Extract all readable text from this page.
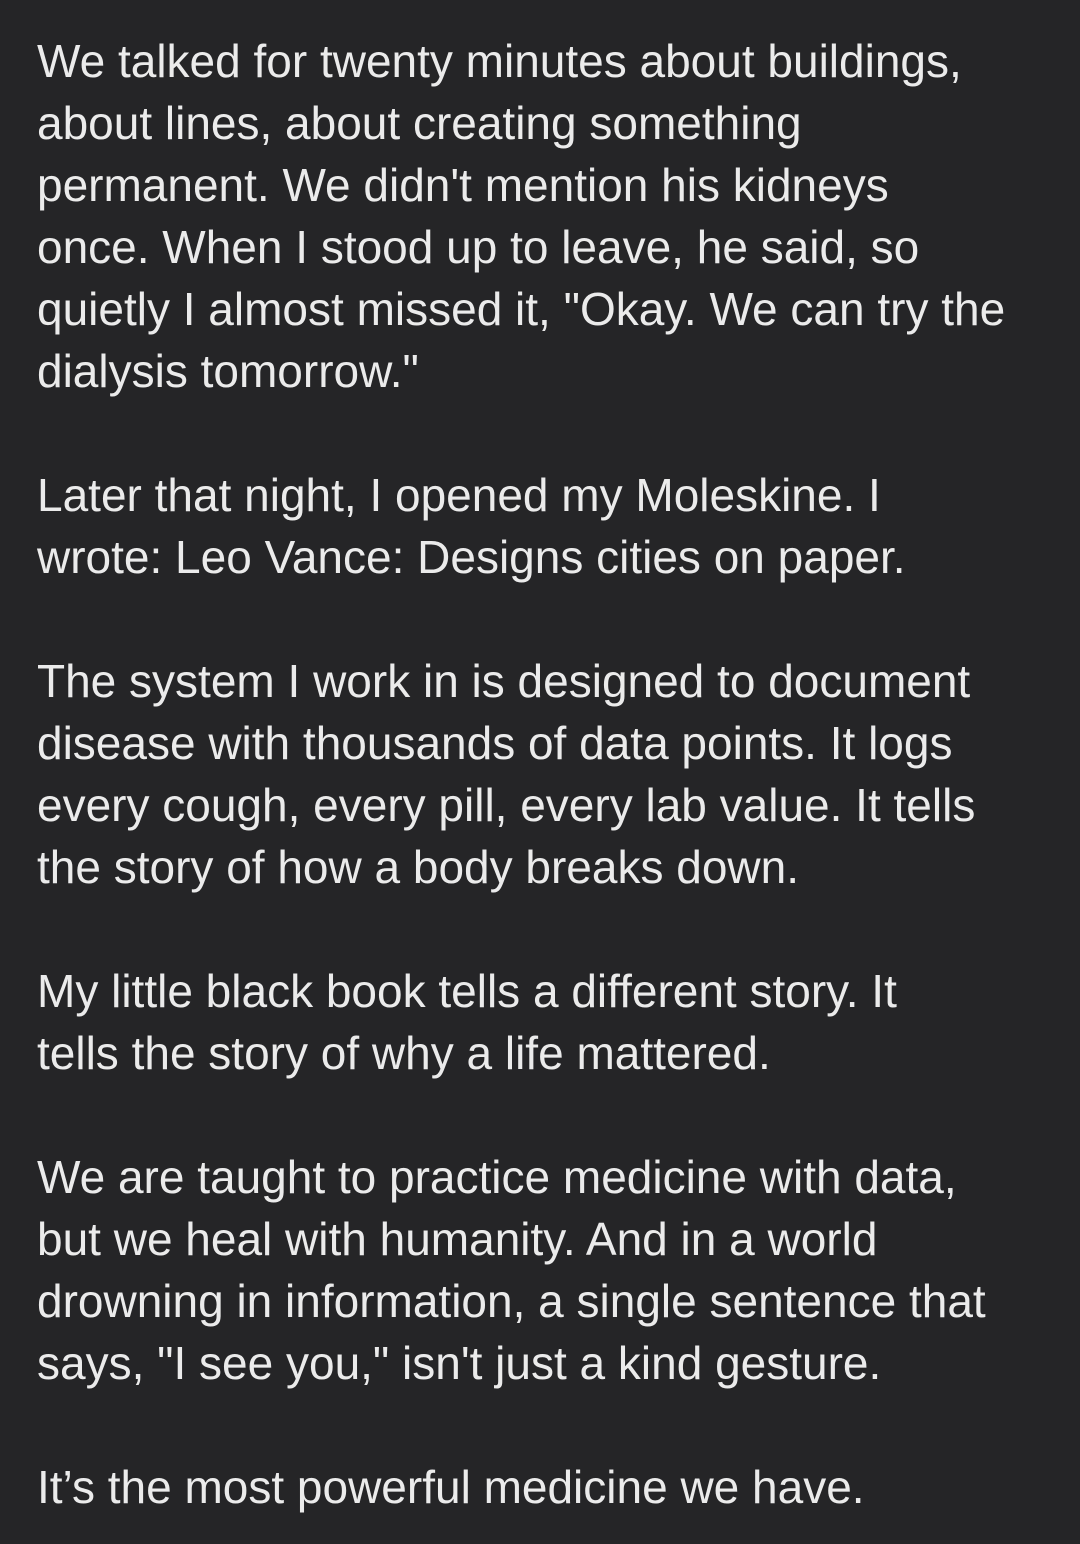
We talked for twenty minutes about buildings,
about lines, about creating something
permanent. We didn't mention his kidneys
once. When I stood up to leave, he said, so
quietly I almost missed it, "Okay. We can try the
dialysis tomorrow."

Later that night, I opened my Moleskine. I
wrote: Leo Vance: Designs cities on paper.

The system I work in is designed to document
disease with thousands of data points. It logs
every cough, every pill, every lab value. It tells
the story of how a body breaks down.

My little black book tells a different story. It
tells the story of why a life mattered.

We are taught to practice medicine with data,
but we heal with humanity. And in a world
drowning in information, a single sentence that
says, "I see you," isn't just a kind gesture.

It’s the most powerful medicine we have.
